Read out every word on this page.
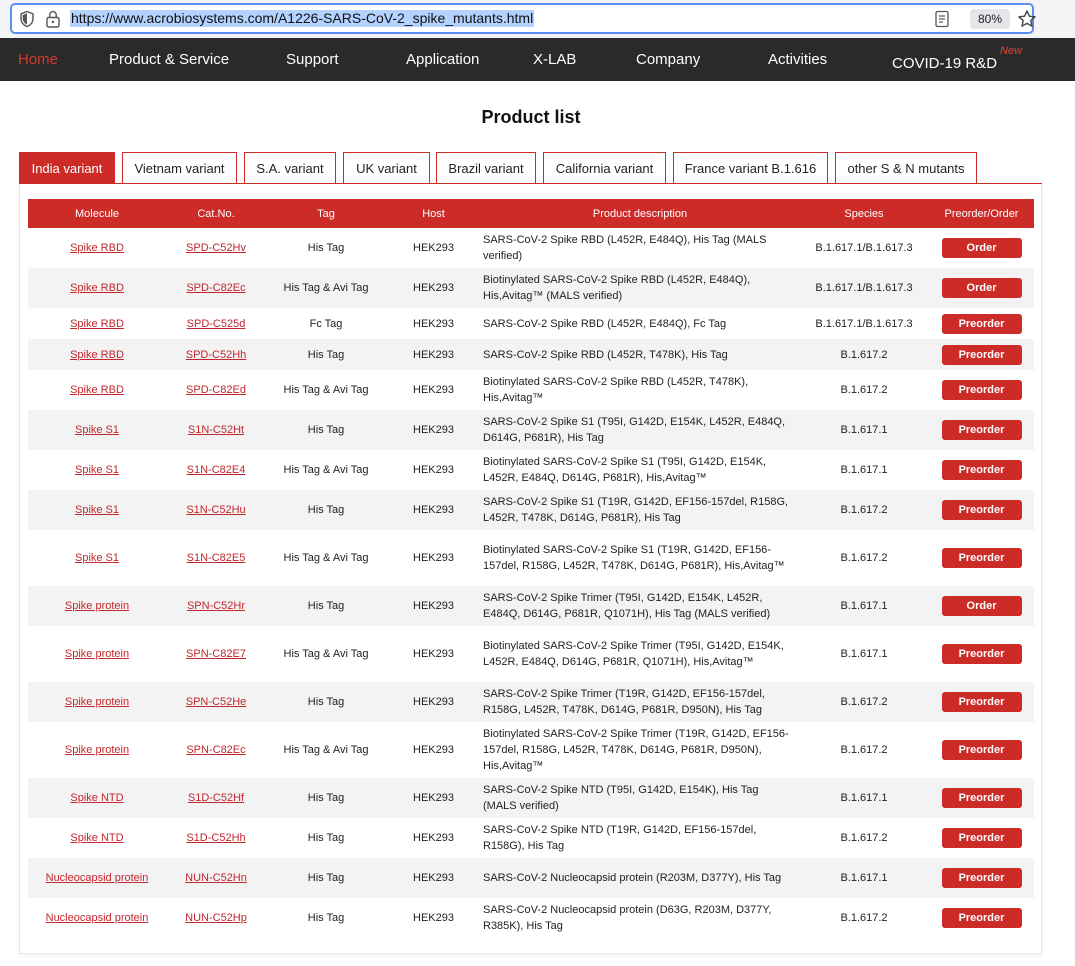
https://www.acrobiosystems.com/A1226-SARS-CoV-2_spike_mutants.html	80%
Home	Product & Service	Support	Application	X-LAB	Company	Activities	COVID-19 $R\&D^{New}$
Product list
India variant	Vietnam variant	S.A. variant	UK variant	Brazil variant	California variant	France variant B.1.616	other S & N mutants
Molecule	Cat.No.	Tag	Host	Product description	Species	Preorder/Order
Spike RBD	SPD-C52Hv	His Tag	HEK293	SARS-CoV-2 Spike RBD (L452R, E484Q), His Tag (MALS verified)	B.1.617.1/B.1.617.3	Order
Spike RBD	SPD-C82Ec	His Tag & Avi Tag	HEK293	Biotinylated SARS-CoV-2 Spike RBD (L452R, E484Q), His,Avitag™ (MALS verified)	B.1.617.1/B.1.617.3	Order
Spike RBD	SPD-C525d	Fc Tag	HEK293	SARS-CoV-2 Spike RBD (L452R, E484Q), Fc Tag	B.1.617.1/B.1.617.3	Preorder
Spike RBD	SPD-C52Hh	His Tag	HEK293	SARS-CoV-2 Spike RBD (L452R, T478K), His Tag	B.1.617.2	Preorder
Spike RBD	SPD-C82Ed	His Tag & Avi Tag	HEK293	Biotinylated SARS-CoV-2 Spike RBD (L452R, T478K), His,Avitag™	B.1.617.2	Preorder
Spike S1	S1N-C52Ht	His Tag	HEK293	SARS-CoV-2 Spike S1 (T95I, G142D, E154K, L452R, E484Q, D614G, P681R), His Tag	B.1.617.1	Preorder
Spike S1	S1N-C82E4	His Tag & Avi Tag	HEK293	Biotinylated SARS-CoV-2 Spike S1 (T95I, G142D, E154K, L452R, E484Q, D614G, P681R), His,Avitag™	B.1.617.1	Preorder
Spike S1	S1N-C52Hu	His Tag	HEK293	SARS-CoV-2 Spike S1 (T19R, G142D, EF156-157del, R158G, L452R, T478K, D614G, P681R), His Tag	B.1.617.2	Preorder
Spike S1	S1N-C82E5	His Tag & Avi Tag	HEK293	Biotinylated SARS-CoV-2 Spike S1 (T19R, G142D, EF156-157del, R158G, L452R, T478K, D614G, P681R), His,Avitag™	B.1.617.2	Preorder
Spike protein	SPN-C52Hr	His Tag	HEK293	SARS-CoV-2 Spike Trimer (T95I, G142D, E154K, L452R, E484Q, D614G, P681R, Q1071H), His Tag (MALS verified)	B.1.617.1	Order
Spike protein	SPN-C82E7	His Tag & Avi Tag	HEK293	Biotinylated SARS-CoV-2 Spike Trimer (T95I, G142D, E154K, L452R, E484Q, D614G, P681R, Q1071H), His,Avitag™	B.1.617.1	Preorder
Spike protein	SPN-C52He	His Tag	HEK293	SARS-CoV-2 Spike Trimer (T19R, G142D, EF156-157del, R158G, L452R, T478K, D614G, P681R, D950N), His Tag	B.1.617.2	Preorder
Spike protein	SPN-C82Ec	His Tag & Avi Tag	HEK293	Biotinylated SARS-CoV-2 Spike Trimer (T19R, G142D, EF156-157del, R158G, L452R, T478K, D614G, P681R, D950N), His,Avitag™	B.1.617.2	Preorder
Spike NTD	S1D-C52Hf	His Tag	HEK293	SARS-CoV-2 Spike NTD (T95I, G142D, E154K), His Tag (MALS verified)	B.1.617.1	Preorder
Spike NTD	S1D-C52Hh	His Tag	HEK293	SARS-CoV-2 Spike NTD (T19R, G142D, EF156-157del, R158G), His Tag	B.1.617.2	Preorder
Nucleocapsid protein	NUN-C52Hn	His Tag	HEK293	SARS-CoV-2 Nucleocapsid protein (R203M, D377Y), His Tag	B.1.617.1	Preorder
Nucleocapsid protein	NUN-C52Hp	His Tag	HEK293	SARS-CoV-2 Nucleocapsid protein (D63G, R203M, D377Y, R385K), His Tag	B.1.617.2	Preorder
